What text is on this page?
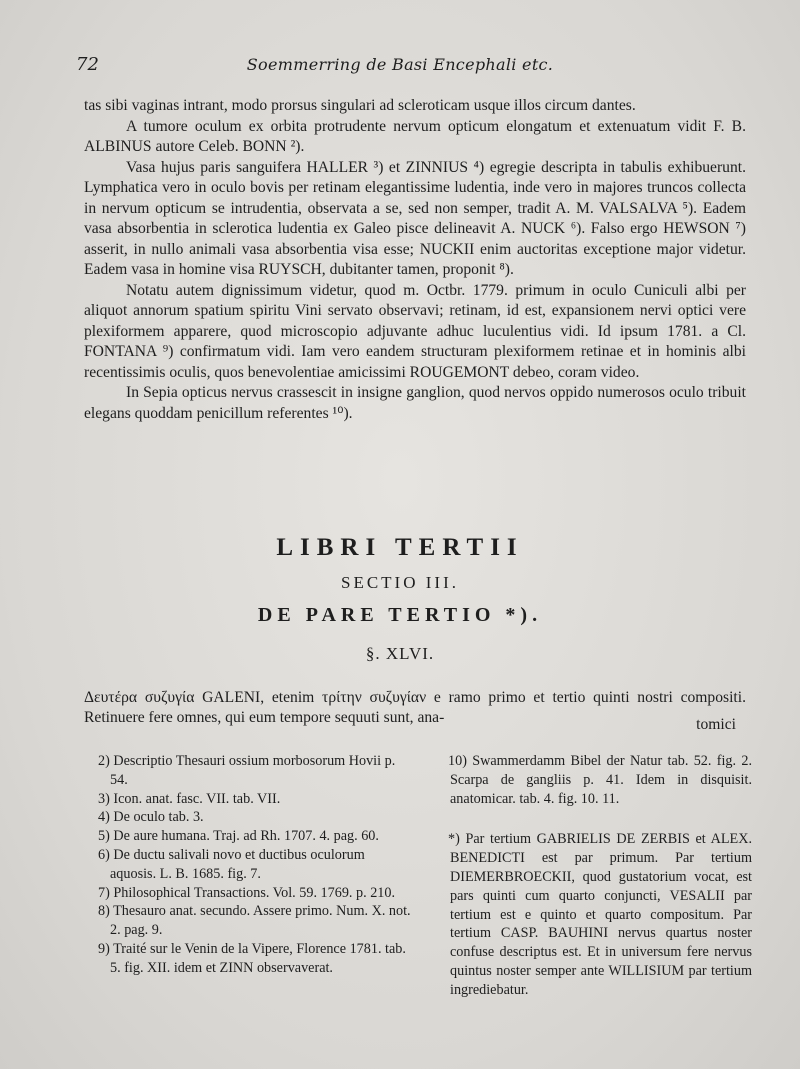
72	Soemmerring de Basi Encephali etc.

tas sibi vaginas intrant, modo prorsus singulari ad scleroticam usque illos circum dantes.

A tumore oculum ex orbita protrudente nervum opticum elongatum et extenuatum vidit F. B. ALBINUS autore Celeb. BONN ²).

Vasa hujus paris sanguifera HALLER ³) et ZINNIUS ⁴) egregie descripta in tabulis exhibuerunt. Lymphatica vero in oculo bovis per retinam elegantissime ludentia, inde vero in majores truncos collecta in nervum opticum se intrudentia, observata a se, sed non semper, tradit A. M. VALSALVA ⁵). Eadem vasa absorbentia in sclerotica ludentia ex Galeo pisce delineavit A. NUCK ⁶). Falso ergo HEWSON ⁷) asserit, in nullo animali vasa absorbentia visa esse; NUCKII enim auctoritas exceptione major videtur. Eadem vasa in homine visa RUYSCH, dubitanter tamen, proponit ⁸).

Notatu autem dignissimum videtur, quod m. Octbr. 1779. primum in oculo Cuniculi albi per aliquot annorum spatium spiritu Vini servato observavi; retinam, id est, expansionem nervi optici vere plexiformem apparere, quod microscopio adjuvante adhuc luculentius vidi. Id ipsum 1781. a Cl. FONTANA ⁹) confirmatum vidi. Iam vero eandem structuram plexiformem retinae et in hominis albi recentissimis oculis, quos benevolentiae amicissimi ROUGEMONT debeo, coram video.

In Sepia opticus nervus crassescit in insigne ganglion, quod nervos oppido numerosos oculo tribuit elegans quoddam penicillum referentes ¹⁰).

LIBRI TERTII
SECTIO III.
DE PARE TERTIO *).
§. XLVI.

Δευτέρα συζυγία GALENI, etenim τρίτην συζυγίαν e ramo primo et tertio quinti nostri compositi. Retinuere fere omnes, qui eum tempore sequuti sunt, ana-	tomici

2) Descriptio Thesauri ossium morbosorum Hovii p. 54.

3) Icon. anat. fasc. VII. tab. VII.

4) De oculo tab. 3.

5) De aure humana. Traj. ad Rh. 1707. 4. pag. 60.

6) De ductu salivali novo et ductibus oculorum aquosis. L. B. 1685. fig. 7.

7) Philosophical Transactions. Vol. 59. 1769. p. 210.

8) Thesauro anat. secundo. Assere primo. Num. X. not. 2. pag. 9.

9) Traité sur le Venin de la Vipere, Florence 1781. tab. 5. fig. XII. idem et ZINN observaverat.

10) Swammerdamm Bibel der Natur tab. 52. fig. 2. Scarpa de gangliis p. 41. Idem in disquisit. anatomicar. tab. 4. fig. 10. 11.

*) Par tertium GABRIELIS DE ZERBIS et ALEX. BENEDICTI est par primum. Par tertium DIEMERBROECKII, quod gustatorium vocat, est pars quinti cum quarto conjuncti, VESALII par tertium est e quinto et quarto compositum. Par tertium CASP. BAUHINI nervus quartus noster confuse descriptus est. Et in universum fere nervus quintus noster semper ante WILLISIUM par tertium ingrediebatur.
